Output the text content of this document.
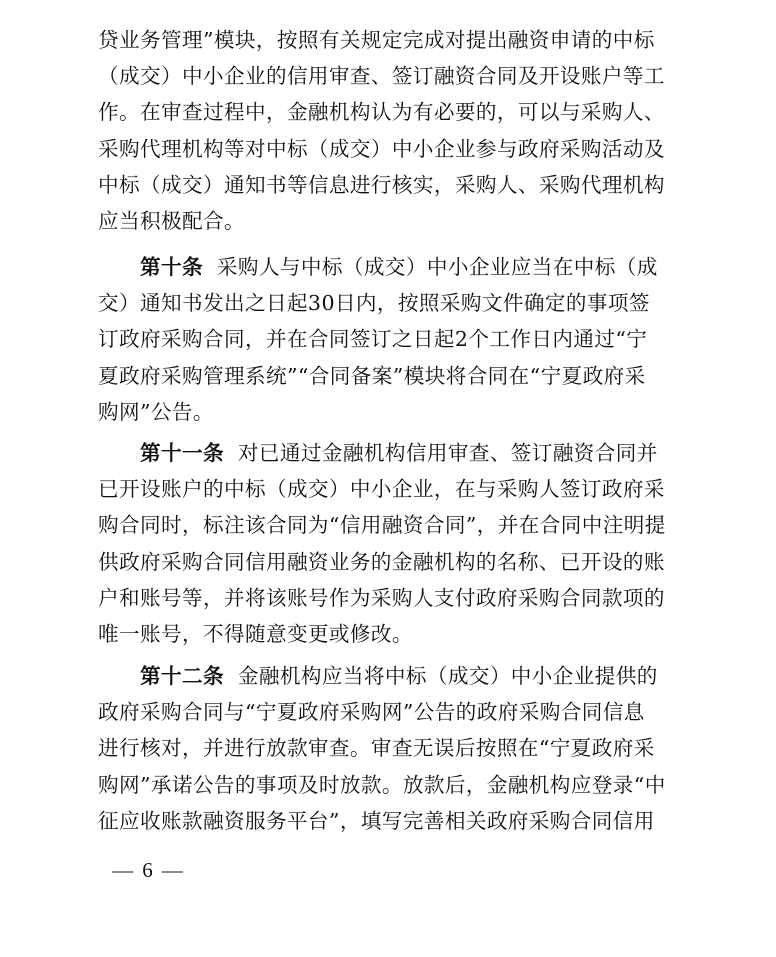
贷业务管理”模块，按照有关规定完成对提出融资申请的中标
（成交）中小企业的信用审查、签订融资合同及开设账户等工
作。在审查过程中，金融机构认为有必要的，可以与采购人、
采购代理机构等对中标（成交）中小企业参与政府采购活动及
中标（成交）通知书等信息进行核实，采购人、采购代理机构
应当积极配合。
第十条 采购人与中标（成交）中小企业应当在中标（成
交）通知书发出之日起30日内，按照采购文件确定的事项签
订政府采购合同，并在合同签订之日起2个工作日内通过“宁
夏政府采购管理系统”“合同备案”模块将合同在“宁夏政府采
购网”公告。
第十一条 对已通过金融机构信用审查、签订融资合同并
已开设账户的中标（成交）中小企业，在与采购人签订政府采
购合同时，标注该合同为“信用融资合同”，并在合同中注明提
供政府采购合同信用融资业务的金融机构的名称、已开设的账
户和账号等，并将该账号作为采购人支付政府采购合同款项的
唯一账号，不得随意变更或修改。
第十二条 金融机构应当将中标（成交）中小企业提供的
政府采购合同与“宁夏政府采购网”公告的政府采购合同信息
进行核对，并进行放款审查。审查无误后按照在“宁夏政府采
购网”承诺公告的事项及时放款。放款后，金融机构应登录“中
征应收账款融资服务平台”，填写完善相关政府采购合同信用
— 6 —
